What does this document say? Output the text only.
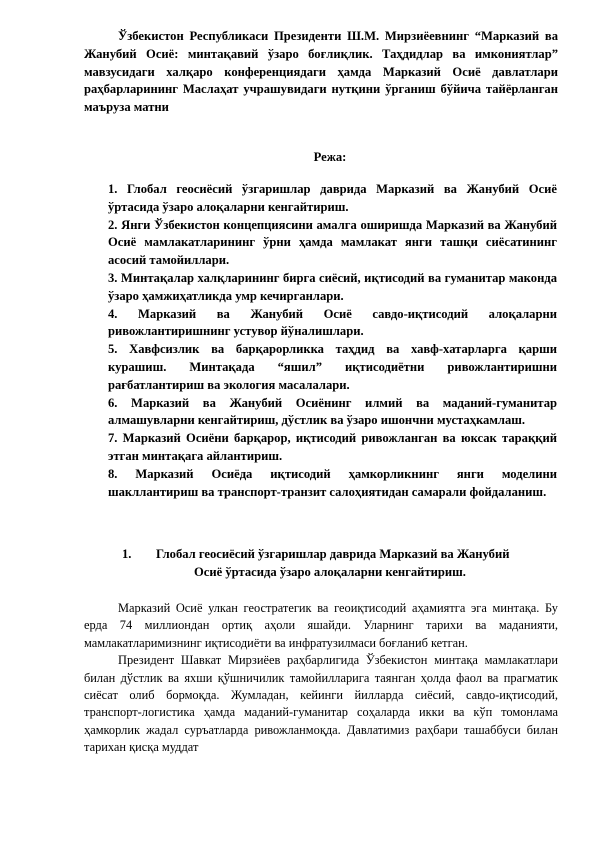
Ўзбекистон Республикаси Президенти Ш.М. Мирзиёевнинг “Марказий ва Жанубий Осиё: минтақавий ўзаро боғлиқлик. Таҳдидлар ва имкониятлар” мавзусидаги халқаро конференциядаги ҳамда Марказий Осиё давлатлари раҳбарларининг Маслаҳат учрашувидаги нутқини ўрганиш бўйича тайёрланган маъруза матни
Режа:
1. Глобал геосиёсий ўзгаришлар даврида Марказий ва Жанубий Осиё ўртасида ўзаро алоқаларни кенгайтириш.
2. Янги Ўзбекистон концепциясини амалга оширишда Марказий ва Жанубий Осиё мамлакатларининг ўрни ҳамда мамлакат янги ташқи сиёсатининг асосий тамойиллари.
3. Минтақалар халқларининг бирга сиёсий, иқтисодий ва гуманитар маконда ўзаро ҳамжиҳатликда умр кечирганлари.
4. Марказий ва Жанубий Осиё савдо-иқтисодий алоқаларни ривожлантиришнинг устувор йўналишлари.
5. Хавфсизлик ва барқарорликка таҳдид ва хавф-хатарларга қарши курашиш. Минтақада “яшил” иқтисодиётни ривожлантиришни рағбатлантириш ва экология масалалари.
6. Марказий ва Жанубий Осиёнинг илмий ва маданий-гуманитар алмашувларни кенгайтириш, дўстлик ва ўзаро ишончни мустаҳкамлаш.
7. Марказий Осиёни барқарор, иқтисодий ривожланган ва юксак тараққий этган минтақага айлантириш.
8. Марказий Осиёда иқтисодий ҳамкорликнинг янги моделини шакллантириш ва транспорт-транзит салоҳиятидан самарали фойдаланиш.
1. Глобал геосиёсий ўзгаришлар даврида Марказий ва Жанубий
Осиё ўртасида ўзаро алоқаларни кенгайтириш.

Марказий Осиё улкан геостратегик ва геоиқтисодий аҳамиятга эга минтақа. Бу ерда 74 миллиондан ортиқ аҳоли яшайди. Уларнинг тарихи ва маданияти, мамлакатларимизнинг иқтисодиёти ва инфратузилмаси боғланиб кетган.

Президент Шавкат Мирзиёев раҳбарлигида Ўзбекистон минтақа мамлакатлари билан дўстлик ва яхши қўшничилик тамойилларига таянган ҳолда фаол ва прагматик сиёсат олиб бормоқда. Жумладан, кейинги йилларда сиёсий, савдо-иқтисодий, транспорт-логистика ҳамда маданий-гуманитар соҳаларда икки ва кўп томонлама ҳамкорлик жадал суръатларда ривожланмоқда. Давлатимиз раҳбари ташаббуси билан тарихан қисқа муддат
